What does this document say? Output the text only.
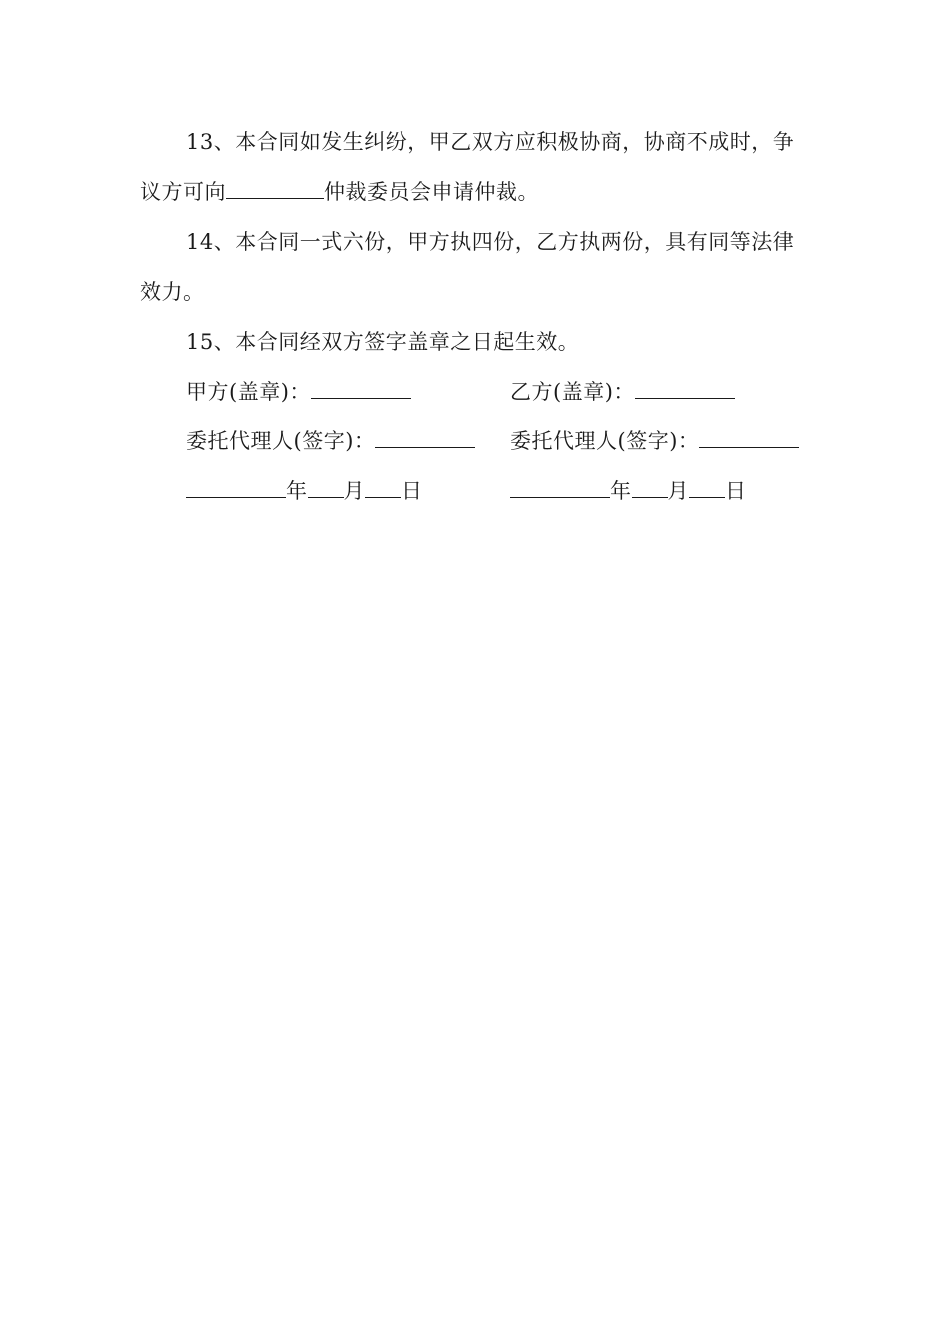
13、本合同如发生纠纷，甲乙双方应积极协商，协商不成时，争议方可向	仲裁委员会申请仲裁。

14、本合同一式六份，甲方执四份，乙方执两份，具有同等法律效力。

15、本合同经双方签字盖章之日起生效。

甲方(盖章)：
委托代理人(签字)：
年 月 日
乙方(盖章)：
委托代理人(签字)：
年 月 日
